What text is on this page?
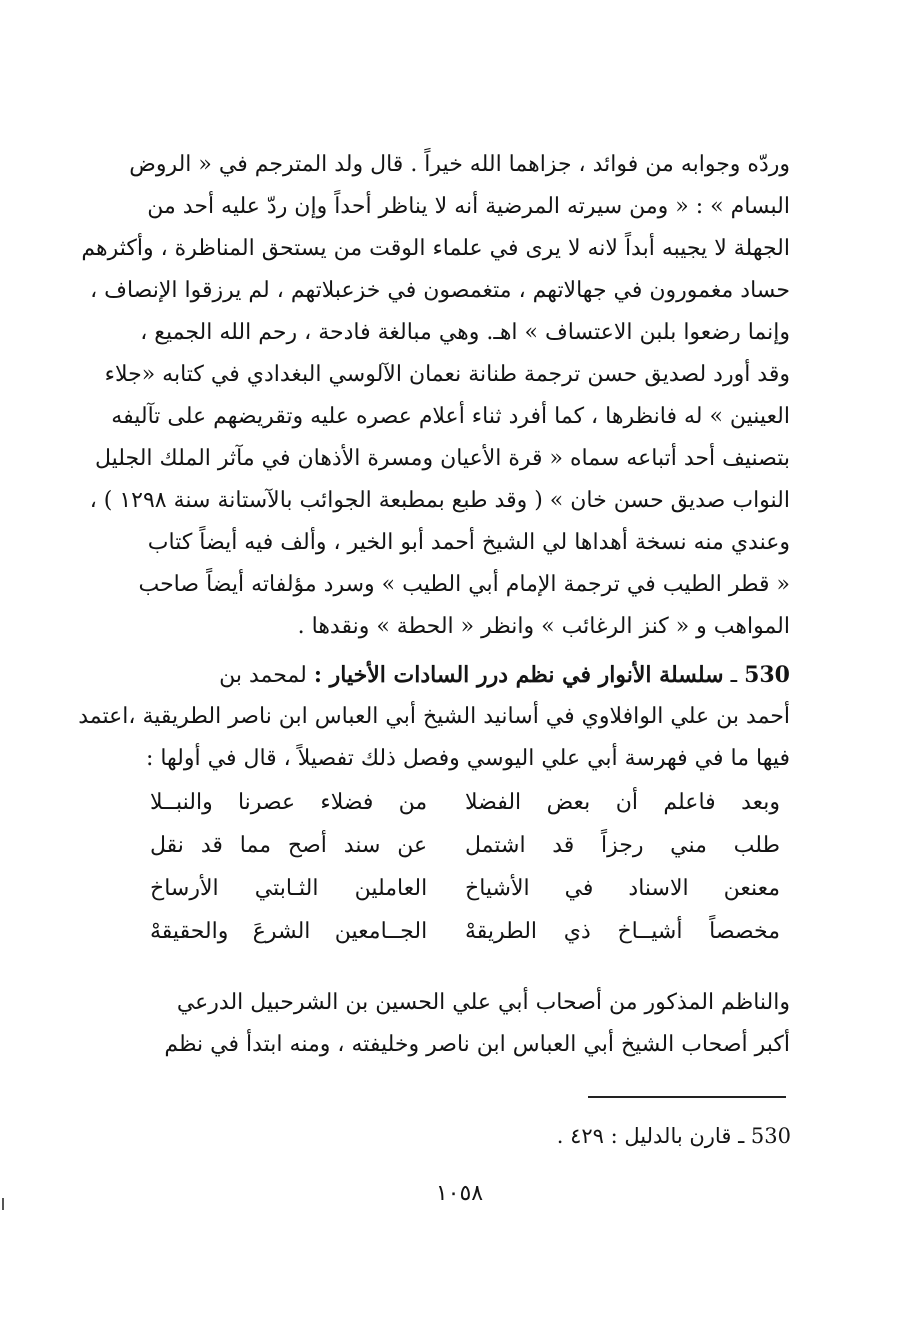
وردّه وجوابه من فوائد ، جزاهما الله خيراً . قال ولد المترجم في « الروض
البسام » : « ومن سيرته المرضية أنه لا يناظر أحداً وإن ردّ عليه أحد من
الجهلة لا يجيبه أبداً لانه لا يرى في علماء الوقت من يستحق المناظرة ، وأكثرهم
حساد مغمورون في جهالاتهم ، متغمصون في خزعبلاتهم ، لم يرزقوا الإنصاف ،
وإنما رضعوا بلبن الاعتساف » اهـ. وهي مبالغة فادحة ، رحم الله الجميع ،
وقد أورد لصديق حسن ترجمة طنانة نعمان الآلوسي البغدادي في كتابه «جلاء
العينين » له فانظرها ، كما أفرد ثناء أعلام عصره عليه وتقريضهم على تآليفه
بتصنيف أحد أتباعه سماه « قرة الأعيان ومسرة الأذهان في مآثر الملك الجليل
النواب صديق حسن خان » ( وقد طبع بمطبعة الجوائب بالآستانة سنة ١٢٩٨ ) ،
وعندي منه نسخة أهداها لي الشيخ أحمد أبو الخير ، وألف فيه أيضاً كتاب
« قطر الطيب في ترجمة الإمام أبي الطيب » وسرد مؤلفاته أيضاً صاحب
المواهب و « كنز الرغائب » وانظر « الحطة » ونقدها .
530 ـ سلسلة الأنوار في نظم درر السادات الأخيار : لمحمد بن
أحمد بن علي الوافلاوي في أسانيد الشيخ أبي العباس ابن ناصر الطريقية ،اعتمد
فيها ما في فهرسة أبي علي اليوسي وفصل ذلك تفصيلاً ، قال في أولها :
وبعد فاعلم أن بعض الفضلا
من فضلاء عصرنا والنبــلا
طلب مني رجزاً قد اشتمل
عن سند أصح مما قد نقل
معنعن الاسناد في الأشياخ
العاملين الثـابتي الأرساخ
مخصصاً أشيــاخ ذي الطريقهْ
الجــامعين الشرعَ والحقيقهْ
والناظم المذكور من أصحاب أبي علي الحسين بن الشرحبيل الدرعي
أكبر أصحاب الشيخ أبي العباس ابن ناصر وخليفته ، ومنه ابتدأ في نظم
530 ـ قارن بالدليل : ٤٢٩ .
١٠٥٨
